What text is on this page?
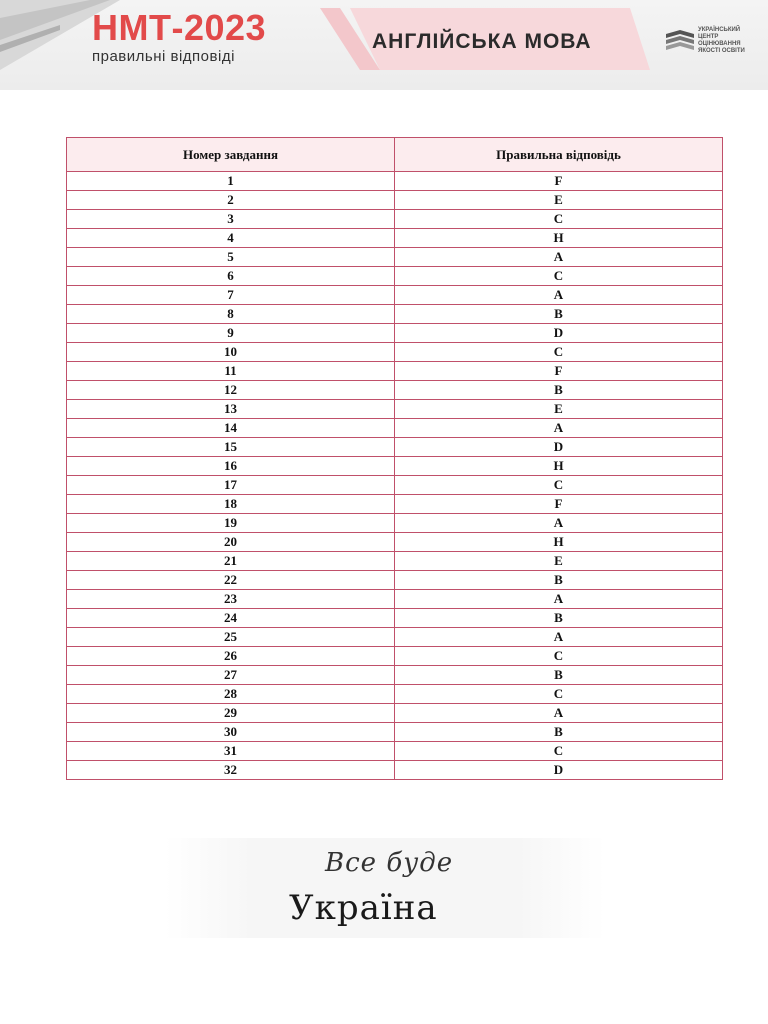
НМТ-2023
правильні відповіді
АНГЛІЙСЬКА МОВА	УКРАЇНСЬКИЙ ЦЕНТР ОЦІНЮВАННЯ ЯКОСТІ ОСВІТИ
Номер завдання	Правильна відповідь
1	F
2	E
3	C
4	H
5	A
6	C
7	A
8	B
9	D
10	C
11	F
12	B
13	E
14	A
15	D
16	H
17	C
18	F
19	A
20	H
21	E
22	B
23	A
24	B
25	A
26	C
27	B
28	C
29	A
30	B
31	C
32	D
Все буде
Україна
